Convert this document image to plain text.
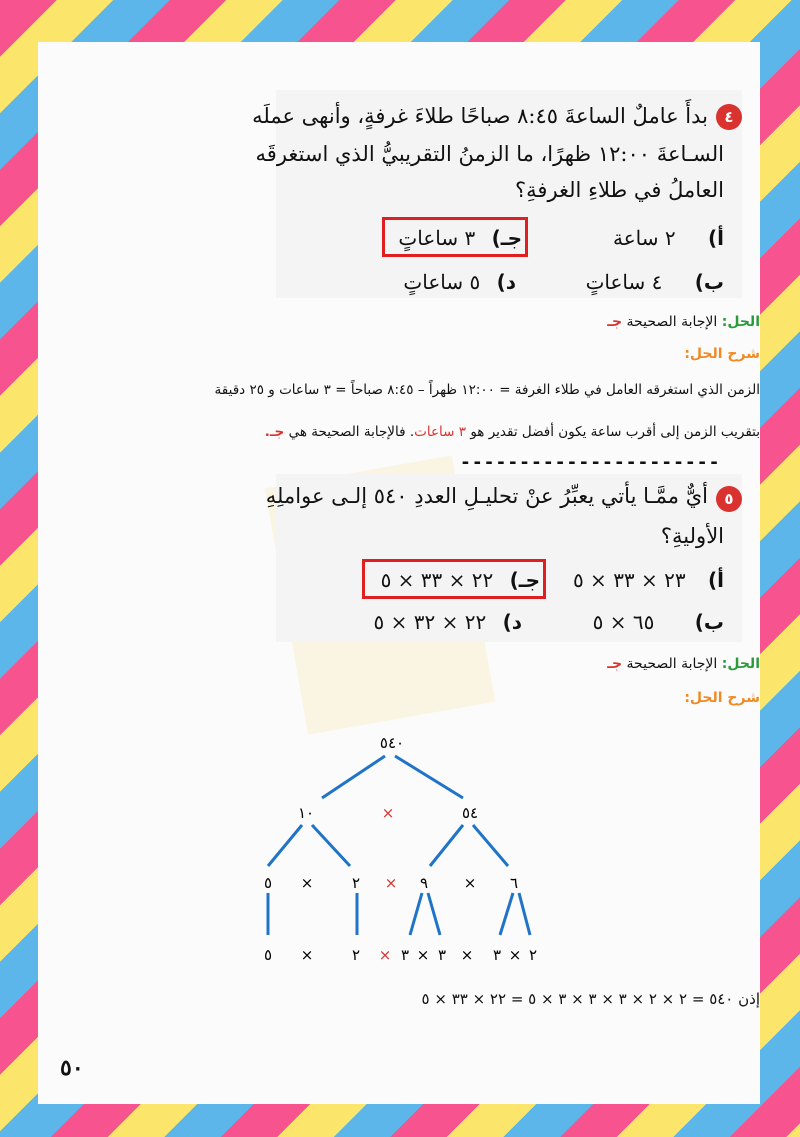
٤
بدأَ عاملٌ الساعةَ ٨:٤٥ صباحًا طلاءَ غرفةٍ، وأنهى عملَه
السـاعةَ ١٢:٠٠ ظهرًا، ما الزمنُ التقريبيُّ الذي استغرقَه
العاملُ في طلاءِ الغرفةِ؟
أ) ٢ ساعة
جـ) ٣ ساعاتٍ
ب) ٤ ساعاتٍ
د) ٥ ساعاتٍ
الحل: الإجابة الصحيحة جـ
شرح الحل:
الزمن الذي استغرقه العامل في طلاء الغرفة = ١٢:٠٠ ظهراً – ٨:٤٥ صباحاً = ٣ ساعات و ٢٥ دقيقة
بتقريب الزمن إلى أقرب ساعة يكون أفضل تقدير هو ٣ ساعات. فالإجابة الصحيحة هي جـ.
----------------------
٥
أيٌّ ممَّـا يأتي يعبِّرُ عنْ تحليـلِ العددِ ٥٤٠ إلـى عواملِهِ
الأوليةِ؟
أ) ٢٣ × ٣٣ × ٥
جـ) ٢٢ × ٣٣ × ٥
ب) ٦٥ × ٥
د) ٢٢ × ٣٢ × ٥
الحل: الإجابة الصحيحة جـ
شرح الحل:
٥٤٠
١٠	×	٥٤
٥ ×	٢ × ٩ × ٦
٥ ×	٢ × ٣ × ٣ × ٣ × ٢
إذن ٥٤٠ = ٢ × ٢ × ٣ × ٣ × ٣ × ٥ = ٢٢ × ٣٣ × ٥
٥٠
